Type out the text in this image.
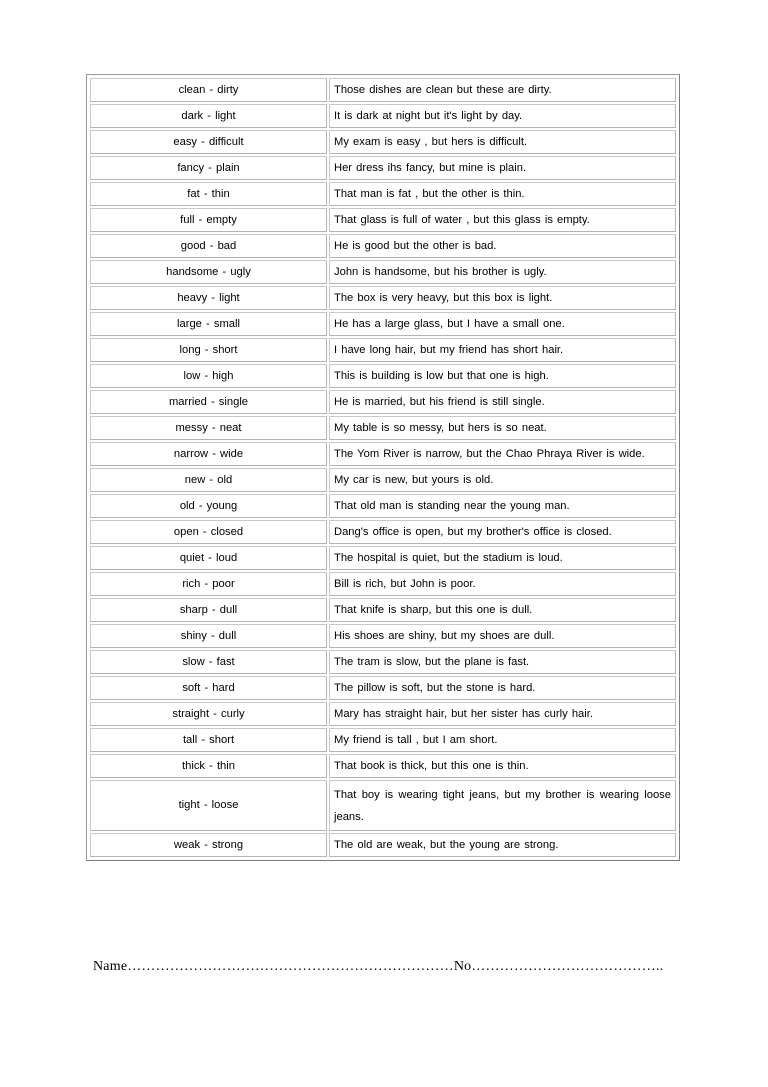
clean - dirty	Those dishes are clean but these are dirty.
dark - light	It is dark at night but it's light by day.
easy - difficult	My exam is easy , but hers is difficult.
fancy - plain	Her dress ihs fancy, but mine is plain.
fat - thin	That man is fat , but the other is thin.
full - empty	That glass is full of water , but this glass is empty.
good - bad	He is good but the other is bad.
handsome - ugly	John is handsome, but his brother is ugly.
heavy - light	The box is very heavy, but this box is light.
large - small	He has a large glass, but I have a small one.
long - short	I have long hair, but my friend has short hair.
low - high	This is building is low but that one is high.
married - single	He is married, but his friend is still single.
messy - neat	My table is so messy, but hers is so neat.
narrow - wide	The Yom River is narrow, but the Chao Phraya River is wide.
new - old	My car is new, but yours is old.
old - young	That old man is standing near the young man.
open - closed	Dang's office is open, but my brother's office is closed.
quiet - loud	The hospital is quiet, but the stadium is loud.
rich - poor	Bill is rich, but John is poor.
sharp - dull	That knife is sharp, but this one is dull.
shiny - dull	His shoes are shiny, but my shoes are dull.
slow - fast	The tram is slow, but the plane is fast.
soft - hard	The pillow is soft, but the stone is hard.
straight - curly	Mary has straight hair, but her sister has curly hair.
tall - short	My friend is tall , but I am short.
thick - thin	That book is thick, but this one is thin.
tight - loose	That boy is wearing tight jeans, but my brother is wearing loose jeans.
weak - strong	The old are weak, but the young are strong.
Name……………………………………………………………No…………………………………..
